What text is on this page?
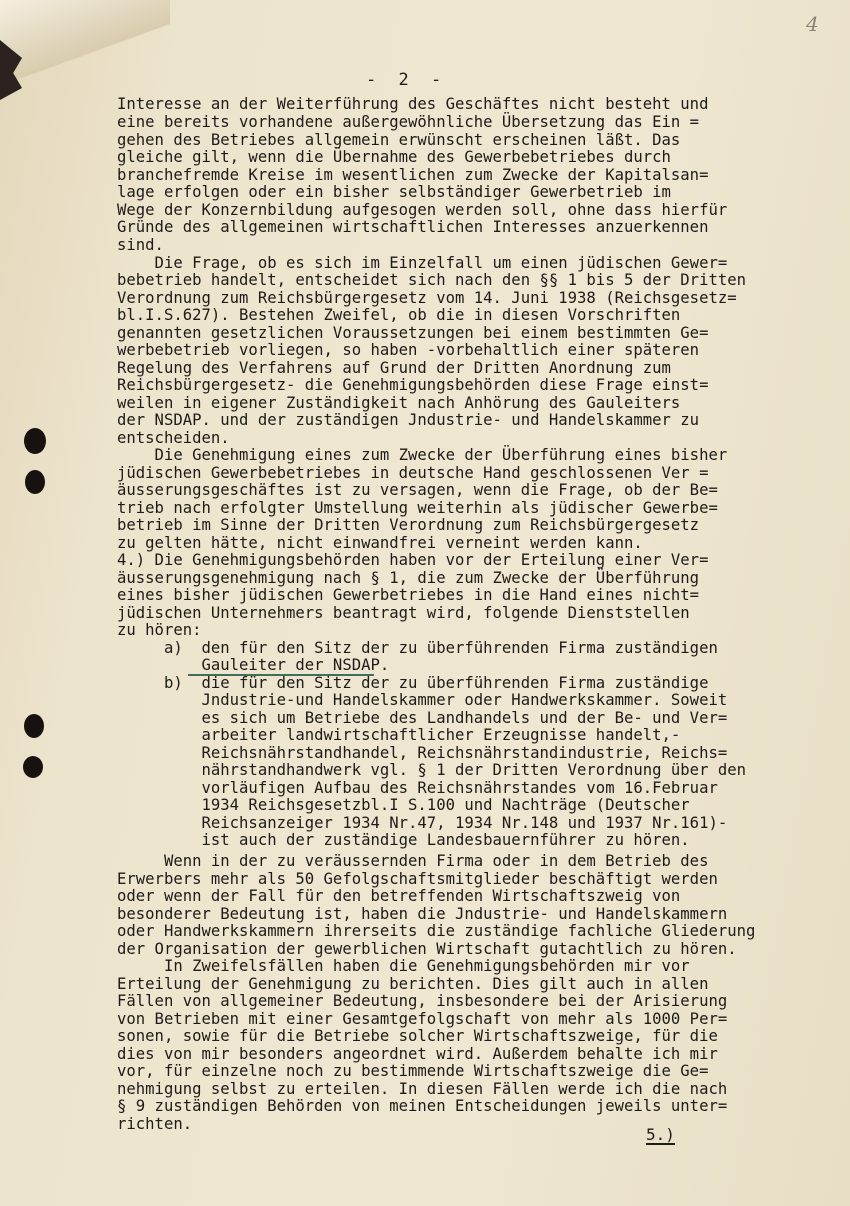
4
- 2 -
Interesse an der Weiterführung des Geschäftes nicht besteht und
eine bereits vorhandene außergewöhnliche Übersetzung das Ein =
gehen des Betriebes allgemein erwünscht erscheinen läßt. Das
gleiche gilt, wenn die Übernahme des Gewerbebetriebes durch
branchefremde Kreise im wesentlichen zum Zwecke der Kapitalsan=
lage erfolgen oder ein bisher selbständiger Gewerbetrieb im
Wege der Konzernbildung aufgesogen werden soll, ohne dass hierfür
Gründe des allgemeinen wirtschaftlichen Interesses anzuerkennen
sind.
Die Frage, ob es sich im Einzelfall um einen jüdischen Gewer=
bebetrieb handelt, entscheidet sich nach den §§ 1 bis 5 der Dritten
Verordnung zum Reichsbürgergesetz vom 14. Juni 1938 (Reichsgesetz=
bl.I.S.627). Bestehen Zweifel, ob die in diesen Vorschriften
genannten gesetzlichen Voraussetzungen bei einem bestimmten Ge=
werbebetrieb vorliegen, so haben -vorbehaltlich einer späteren
Regelung des Verfahrens auf Grund der Dritten Anordnung zum
Reichsbürgergesetz- die Genehmigungsbehörden diese Frage einst=
weilen in eigener Zuständigkeit nach Anhörung des Gauleiters
der NSDAP. und der zuständigen Jndustrie- und Handelskammer zu
entscheiden.
Die Genehmigung eines zum Zwecke der Überführung eines bisher
jüdischen Gewerbebetriebes in deutsche Hand geschlossenen Ver =
äusserungsgeschäftes ist zu versagen, wenn die Frage, ob der Be=
trieb nach erfolgter Umstellung weiterhin als jüdischer Gewerbe=
betrieb im Sinne der Dritten Verordnung zum Reichsbürgergesetz
zu gelten hätte, nicht einwandfrei verneint werden kann.
4.) Die Genehmigungsbehörden haben vor der Erteilung einer Ver=
äusserungsgenehmigung nach § 1, die zum Zwecke der Überführung
eines bisher jüdischen Gewerbetriebes in die Hand eines nicht=
jüdischen Unternehmers beantragt wird, folgende Dienststellen
zu hören:
a)  den für den Sitz der zu überführenden Firma zuständigen
Gauleiter der NSDAP.
b)  die für den Sitz der zu überführenden Firma zuständige
Jndustrie-und Handelskammer oder Handwerkskammer. Soweit
es sich um Betriebe des Landhandels und der Be- und Ver=
arbeiter landwirtschaftlicher Erzeugnisse handelt,-
Reichsnährstandhandel, Reichsnährstandindustrie, Reichs=
nährstandhandwerk vgl. § 1 der Dritten Verordnung über den
vorläufigen Aufbau des Reichsnährstandes vom 16.Februar
1934 Reichsgesetzbl.I S.100 und Nachträge (Deutscher
Reichsanzeiger 1934 Nr.47, 1934 Nr.148 und 1937 Nr.161)-
ist auch der zuständige Landesbauernführer zu hören.
Wenn in der zu veräussernden Firma oder in dem Betrieb des
Erwerbers mehr als 50 Gefolgschaftsmitglieder beschäftigt werden
oder wenn der Fall für den betreffenden Wirtschaftszweig von
besonderer Bedeutung ist, haben die Jndustrie- und Handelskammern
oder Handwerkskammern ihrerseits die zuständige fachliche Gliederung
der Organisation der gewerblichen Wirtschaft gutachtlich zu hören.
In Zweifelsfällen haben die Genehmigungsbehörden mir vor
Erteilung der Genehmigung zu berichten. Dies gilt auch in allen
Fällen von allgemeiner Bedeutung, insbesondere bei der Arisierung
von Betrieben mit einer Gesamtgefolgschaft von mehr als 1000 Per=
sonen, sowie für die Betriebe solcher Wirtschaftszweige, für die
dies von mir besonders angeordnet wird. Außerdem behalte ich mir
vor, für einzelne noch zu bestimmende Wirtschaftszweige die Ge=
nehmigung selbst zu erteilen. In diesen Fällen werde ich die nach
§ 9 zuständigen Behörden von meinen Entscheidungen jeweils unter=
richten.
5.)
